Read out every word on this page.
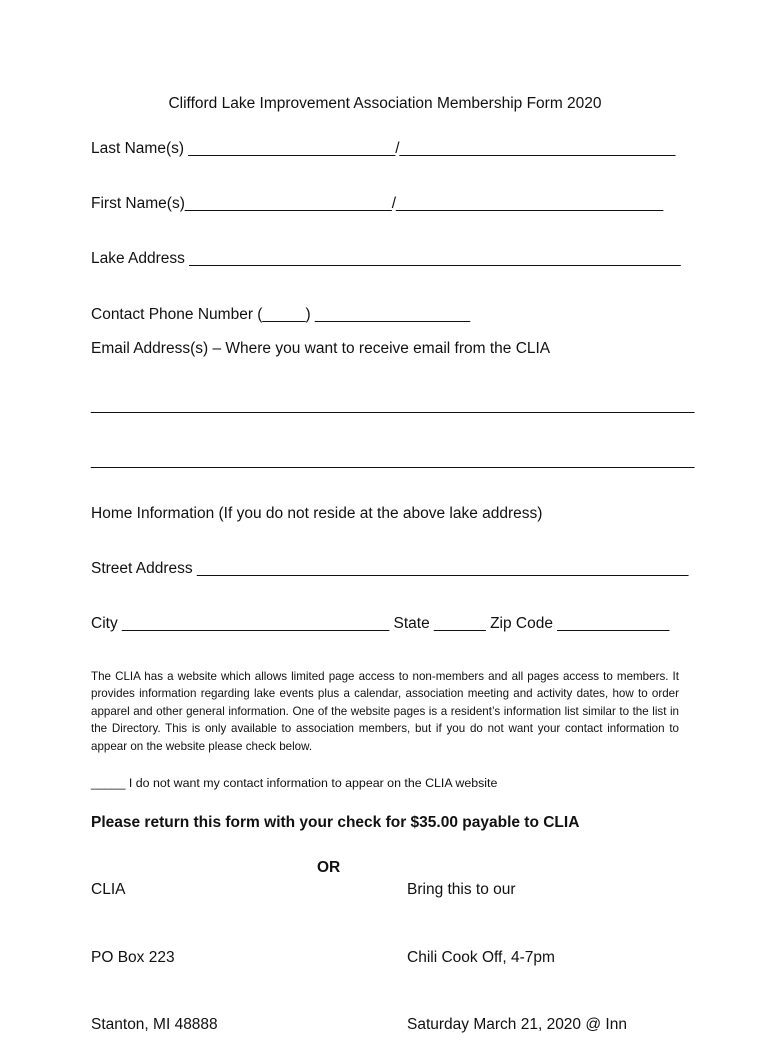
Clifford Lake Improvement Association Membership Form 2020
Last Name(s) ________________________/________________________________
First Name(s)________________________/_______________________________
Lake Address _________________________________________________________
Contact Phone Number (_____) __________________
Email Address(s) – Where you want to receive email from the CLIA
______________________________________________________________________
______________________________________________________________________
Home Information (If you do not reside at the above lake address)
Street Address _________________________________________________________
City _______________________________ State ______ Zip Code _____________
The CLIA has a website which allows limited page access to non-members and all pages access to members. It provides information regarding lake events plus a calendar, association meeting and activity dates, how to order apparel and other general information. One of the website pages is a resident’s information list similar to the list in the Directory. This is only available to association members, but if you do not want your contact information to appear on the website please check below.
_____ I do not want my contact information to appear on the CLIA website
Please return this form with your check for $35.00 payable to CLIA

CLIA

PO Box 223

Stanton, MI 48888

OR

Bring this to our

Chili Cook Off, 4-7pm

Saturday March 21, 2020 @ Inn
